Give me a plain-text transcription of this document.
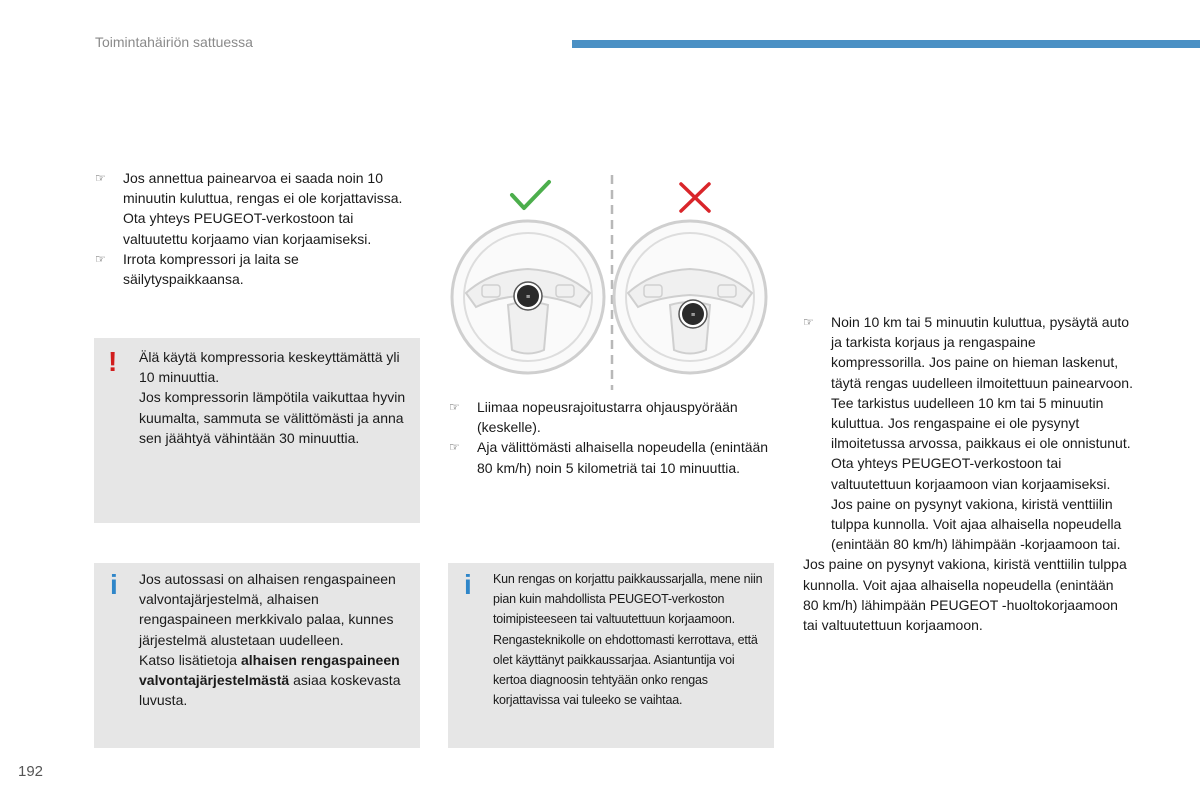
Toimintahäiriön sattuessa
☞ Jos annettua painearvoa ei saada noin 10 minuutin kuluttua, rengas ei ole korjattavissa. Ota yhteys PEUGEOT-verkostoon tai valtuutettu korjaamo vian korjaamiseksi.
☞ Irrota kompressori ja laita se säilytyspaikkaansa.
! Älä käytä kompressoria keskeyttämättä yli 10 minuuttia.
Jos kompressorin lämpötila vaikuttaa hyvin kuumalta, sammuta se välittömästi ja anna sen jäähtyä vähintään 30 minuuttia.
i Jos autossasi on alhaisen rengaspaineen valvontajärjestelmä, alhaisen rengaspaineen merkkivalo palaa, kunnes järjestelmä alustetaan uudelleen.
Katso lisätietoja alhaisen rengaspaineen valvontajärjestelmästä asiaa koskevasta luvusta.
≡
≡
☞ Liimaa nopeusrajoitustarra ohjauspyörään (keskelle).
☞ Aja välittömästi alhaisella nopeudella (enintään 80 km/h) noin 5 kilometriä tai 10 minuuttia.
i Kun rengas on korjattu paikkaussarjalla, mene niin pian kuin mahdollista PEUGEOT-verkoston toimipisteeseen tai valtuutettuun korjaamoon.
Rengasteknikolle on ehdottomasti kerrottava, että olet käyttänyt paikkaussarjaa. Asiantuntija voi kertoa diagnoosin tehtyään onko rengas korjattavissa vai tuleeko se vaihtaa.
☞ Noin 10 km tai 5 minuutin kuluttua, pysäytä auto ja tarkista korjaus ja rengaspaine kompressorilla. Jos paine on hieman laskenut, täytä rengas uudelleen ilmoitettuun painearvoon. Tee tarkistus uudelleen 10 km tai 5 minuutin kuluttua. Jos rengaspaine ei ole pysynyt ilmoitetussa arvossa, paikkaus ei ole onnistunut. Ota yhteys PEUGEOT-verkostoon tai valtuutettuun korjaamoon vian korjaamiseksi. Jos paine on pysynyt vakiona, kiristä venttiilin tulppa kunnolla. Voit ajaa alhaisella nopeudella (enintään 80 km/h) lähimpään -korjaamoon tai.
Jos paine on pysynyt vakiona, kiristä venttiilin tulppa kunnolla. Voit ajaa alhaisella nopeudella (enintään 80 km/h) lähimpään PEUGEOT -huoltokorjaamoon tai valtuutettuun korjaamoon.
192
